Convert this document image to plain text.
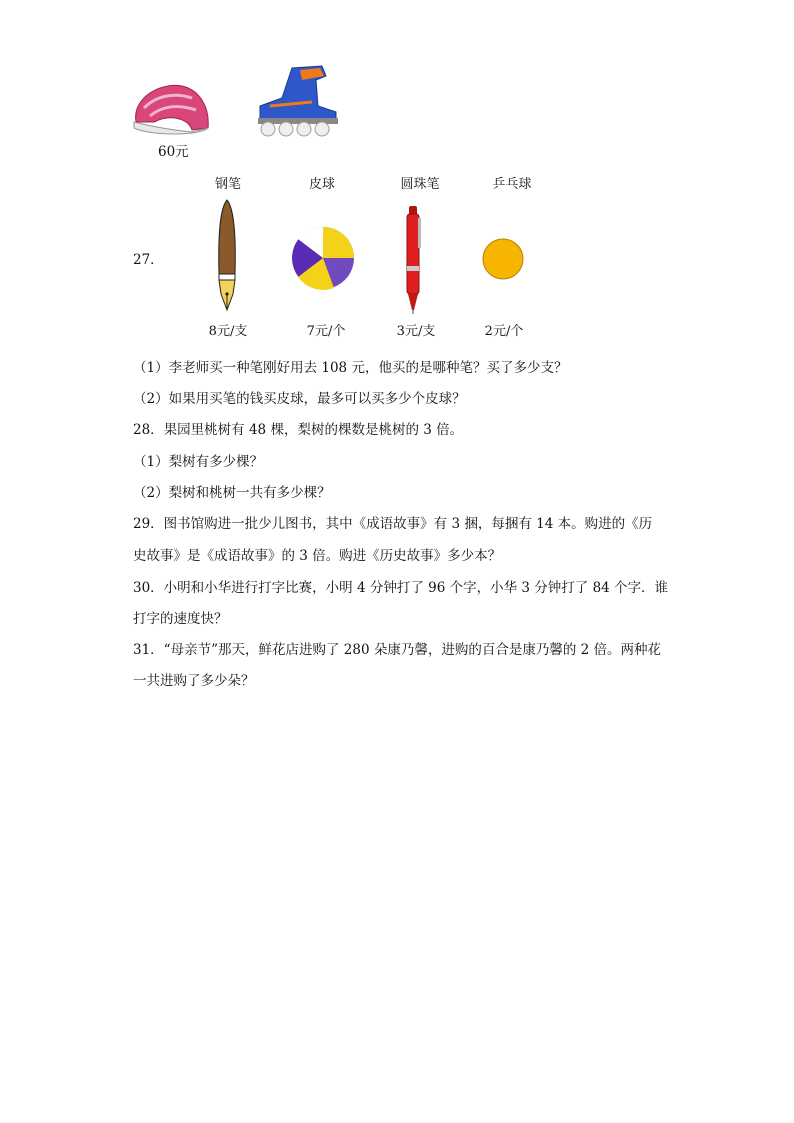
60元
钢笔	皮球	圆珠笔	乒乓球
27．
8元/支	7元/个	3元/支	2元/个
（1）李老师买一种笔刚好用去 108 元，他买的是哪种笔？买了多少支？
（2）如果用买笔的钱买皮球，最多可以买多少个皮球？
28．果园里桃树有 48 棵，梨树的棵数是桃树的 3 倍。
（1）梨树有多少棵？
（2）梨树和桃树一共有多少棵？
29．图书馆购进一批少儿图书，其中《成语故事》有 3 捆，每捆有 14 本。购进的《历
史故事》是《成语故事》的 3 倍。购进《历史故事》多少本？
30．小明和小华进行打字比赛，小明 4 分钟打了 96 个字，小华 3 分钟打了 84 个字．谁
打字的速度快？
31．“母亲节”那天，鲜花店进购了 280 朵康乃馨，进购的百合是康乃馨的 2 倍。两种花
一共进购了多少朵？
